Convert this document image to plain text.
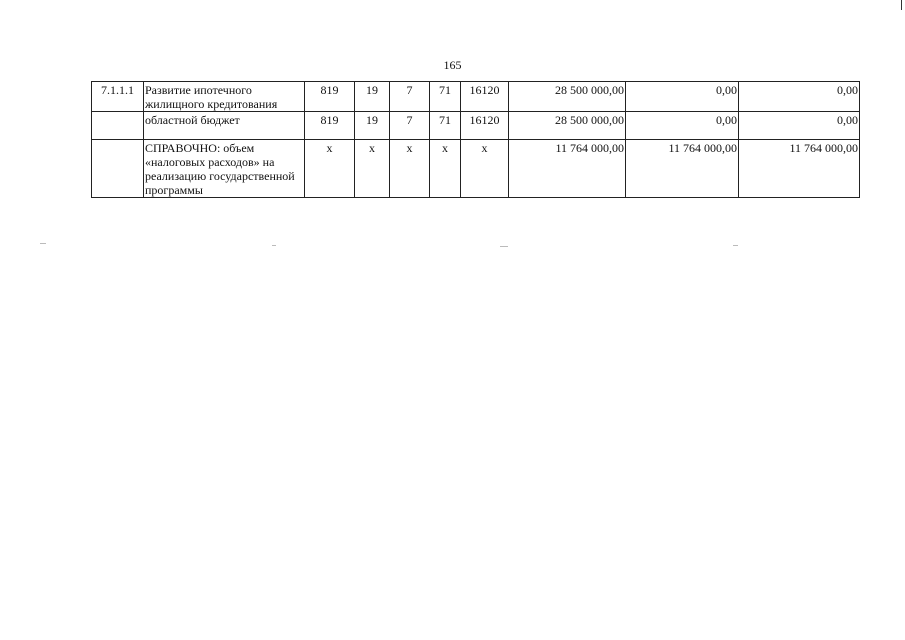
165
7.1.1.1	Развитие ипотечного жилищного кредитования	819	19	7	71	16120	28 500 000,00	0,00	0,00
	областной бюджет	819	19	7	71	16120	28 500 000,00	0,00	0,00
	СПРАВОЧНО: объем «налоговых расходов» на реализацию государственной программы	х	х	х	х	х	11 764 000,00	11 764 000,00	11 764 000,00
